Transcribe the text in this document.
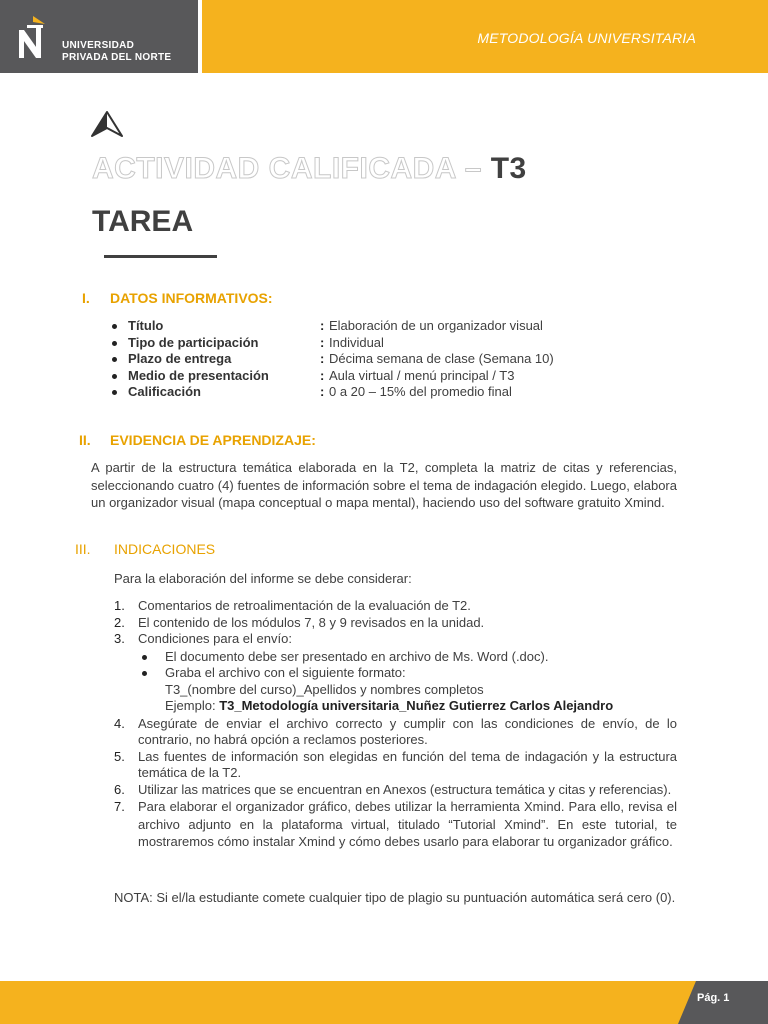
UNIVERSIDAD
PRIVADA DEL NORTE
METODOLOGÍA UNIVERSITARIA
ACTIVIDAD CALIFICADA – T3
TAREA
I. DATOS INFORMATIVOS:
Título	: Elaboración de un organizador visual
Tipo de participación	: Individual
Plazo de entrega	: Décima semana de clase (Semana 10)
Medio de presentación	: Aula virtual / menú principal / T3
Calificación	: 0 a 20 – 15% del promedio final
II. EVIDENCIA DE APRENDIZAJE:
A partir de la estructura temática elaborada en la T2, completa la matriz de citas y referencias, seleccionando cuatro (4) fuentes de información sobre el tema de indagación elegido. Luego, elabora un organizador visual (mapa conceptual o mapa mental), haciendo uso del software gratuito Xmind.
III. INDICACIONES
Para la elaboración del informe se debe considerar:
1. Comentarios de retroalimentación de la evaluación de T2.
2. El contenido de los módulos 7, 8 y 9 revisados en la unidad.
3. Condiciones para el envío:
El documento debe ser presentado en archivo de Ms. Word (.doc).
Graba el archivo con el siguiente formato:
T3_(nombre del curso)_Apellidos y nombres completos
Ejemplo: T3_Metodología universitaria_Nuñez Gutierrez Carlos Alejandro
4. Asegúrate de enviar el archivo correcto y cumplir con las condiciones de envío, de lo contrario, no habrá opción a reclamos posteriores.
5. Las fuentes de información son elegidas en función del tema de indagación y la estructura temática de la T2.
6. Utilizar las matrices que se encuentran en Anexos (estructura temática y citas y referencias).
7. Para elaborar el organizador gráfico, debes utilizar la herramienta Xmind. Para ello, revisa el archivo adjunto en la plataforma virtual, titulado “Tutorial Xmind”. En este tutorial, te mostraremos cómo instalar Xmind y cómo debes usarlo para elaborar tu organizador gráfico.
NOTA: Si el/la estudiante comete cualquier tipo de plagio su puntuación automática será cero (0).
Pág. 1
